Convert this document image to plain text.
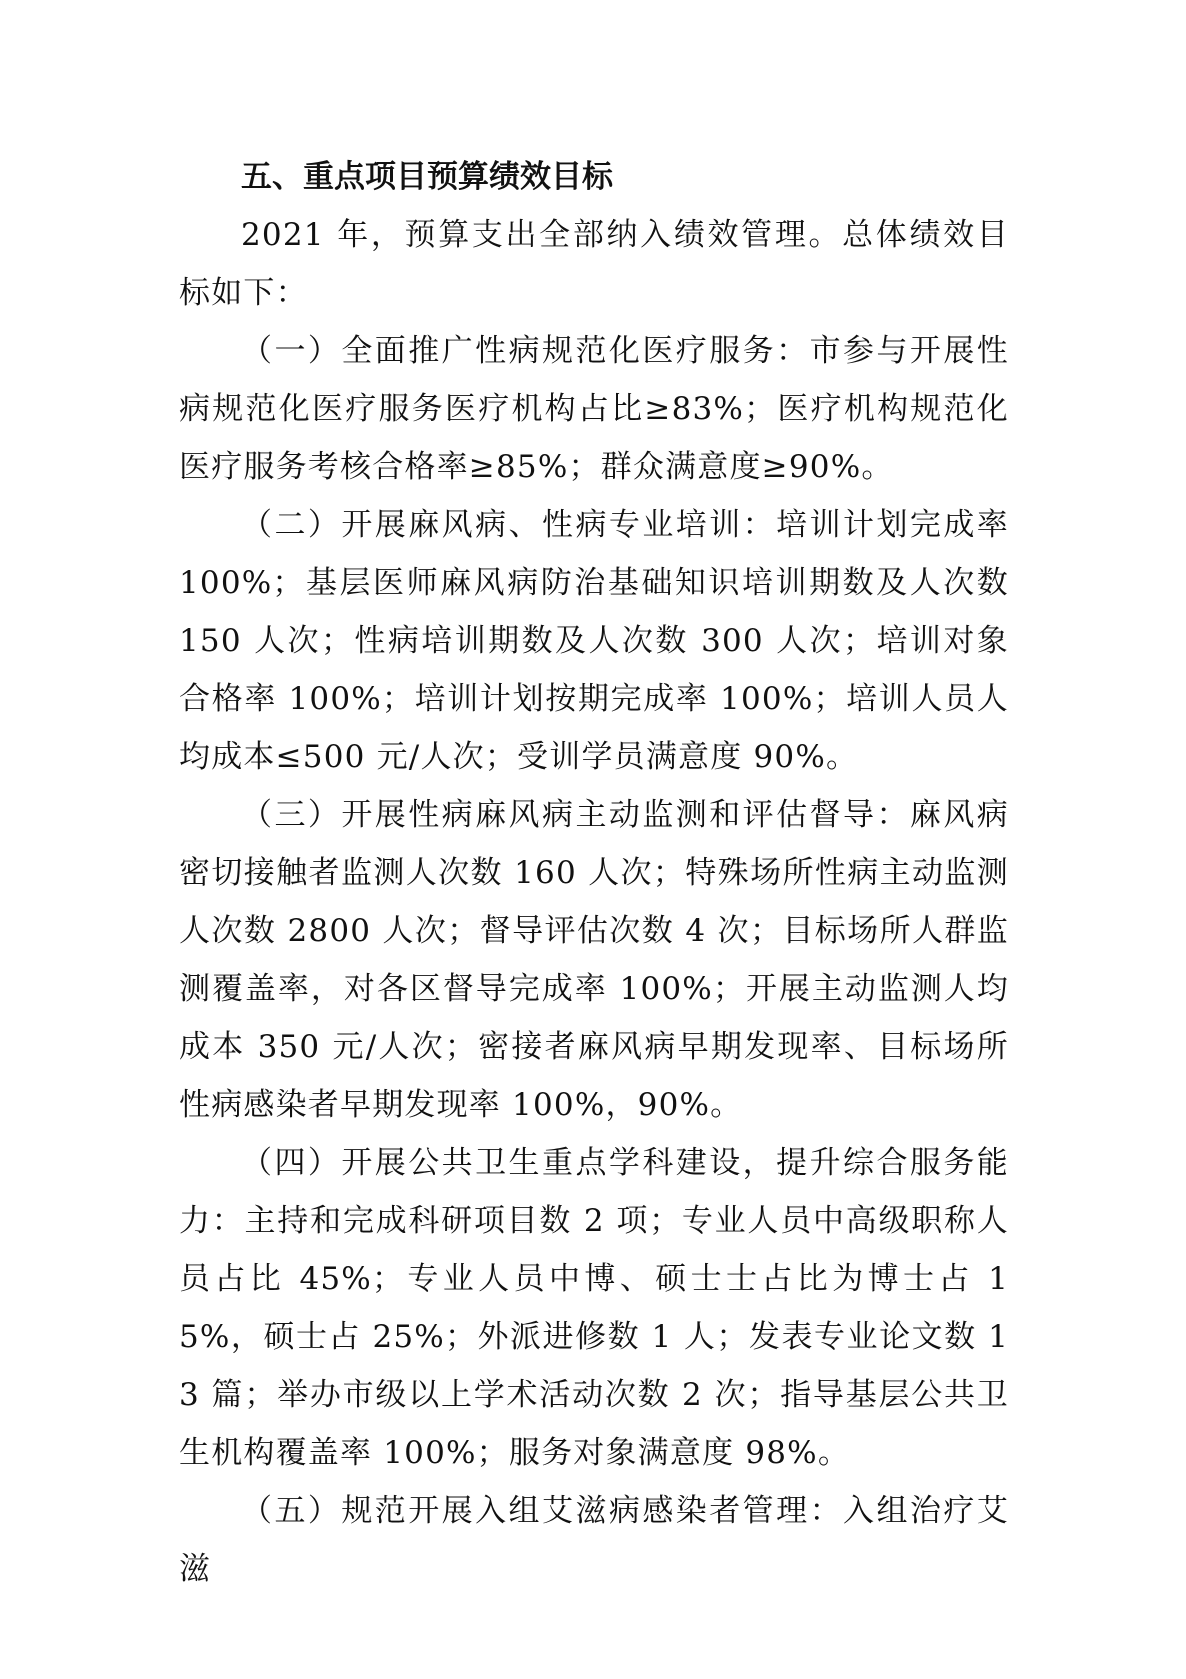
五、重点项目预算绩效目标

2021 年，预算支出全部纳入绩效管理。总体绩效目标如下：

（一）全面推广性病规范化医疗服务：市参与开展性病规范化医疗服务医疗机构占比≥83%；医疗机构规范化医疗服务考核合格率≥85%；群众满意度≥90%。

（二）开展麻风病、性病专业培训：培训计划完成率 100%；基层医师麻风病防治基础知识培训期数及人次数 150 人次；性病培训期数及人次数 300 人次；培训对象合格率 100%；培训计划按期完成率 100%；培训人员人均成本≤500 元/人次；受训学员满意度 90%。

（三）开展性病麻风病主动监测和评估督导：麻风病密切接触者监测人次数 160 人次；特殊场所性病主动监测人次数 2800 人次；督导评估次数 4 次；目标场所人群监测覆盖率，对各区督导完成率 100%；开展主动监测人均成本 350 元/人次；密接者麻风病早期发现率、目标场所性病感染者早期发现率 100%，90%。

（四）开展公共卫生重点学科建设，提升综合服务能力：主持和完成科研项目数 2 项；专业人员中高级职称人员占比 45%；专业人员中博、硕士士占比为博士占 15%，硕士占 25%；外派进修数 1 人；发表专业论文数 13 篇；举办市级以上学术活动次数 2 次；指导基层公共卫生机构覆盖率 100%；服务对象满意度 98%。

（五）规范开展入组艾滋病感染者管理：入组治疗艾滋
